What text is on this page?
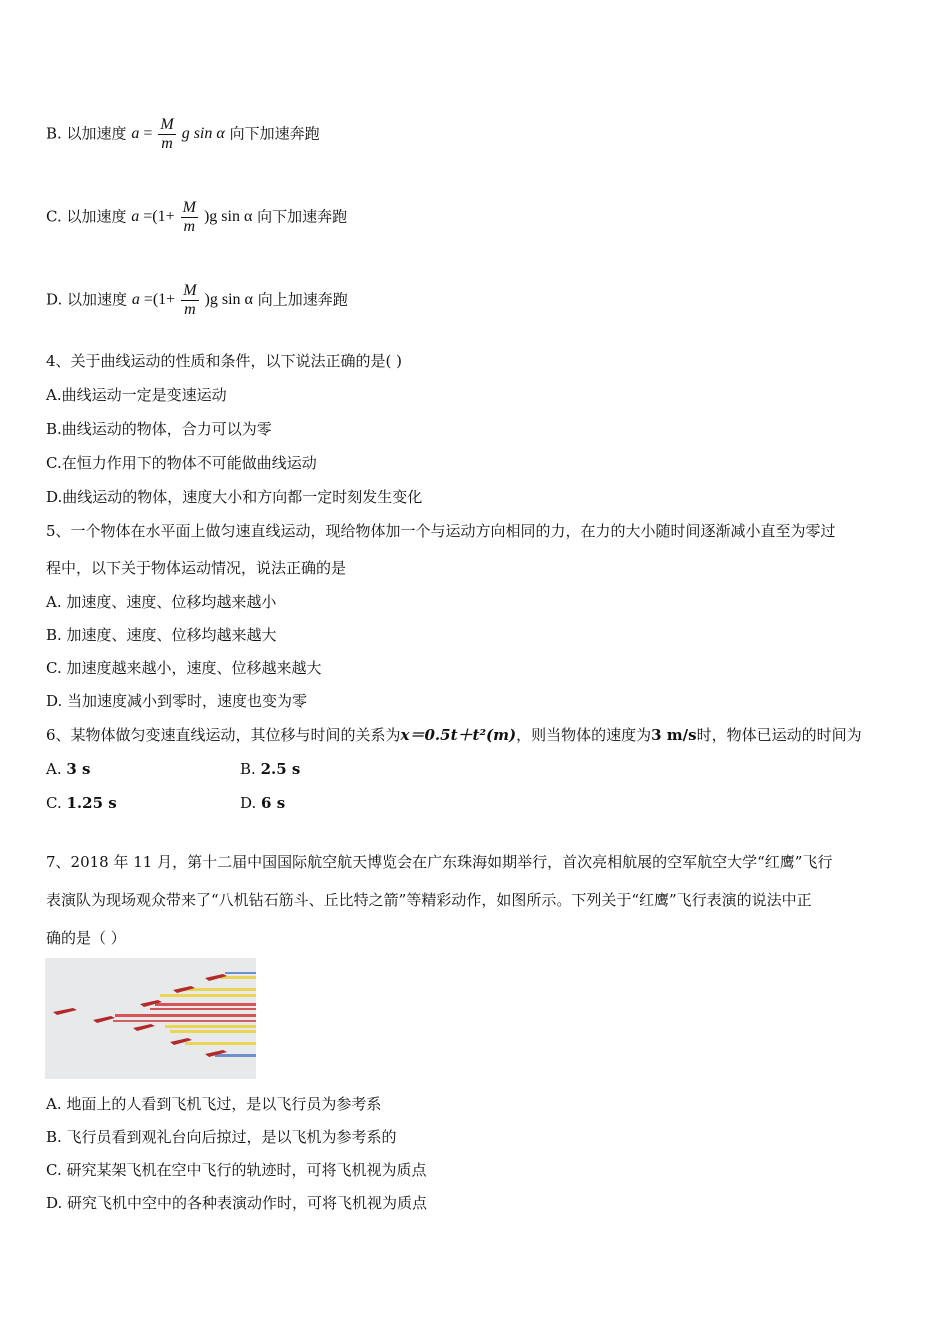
B. 以加速度 $a = \frac{M}{m}$ g sin α 向下加速奔跑
C. 以加速度 $a =(1+ \frac{M}{m} )g$ sin α 向下加速奔跑
D. 以加速度 $a =(1+ \frac{M}{m} )g$ sin α 向上加速奔跑
4、关于曲线运动的性质和条件，以下说法正确的是( )
A.曲线运动一定是变速运动
B.曲线运动的物体，合力可以为零
C.在恒力作用下的物体不可能做曲线运动
D.曲线运动的物体，速度大小和方向都一定时刻发生变化
5、一个物体在水平面上做匀速直线运动，现给物体加一个与运动方向相同的力，在力的大小随时间逐渐减小直至为零过
程中，以下关于物体运动情况，说法正确的是
A. 加速度、速度、位移均越来越小
B. 加速度、速度、位移均越来越大
C. 加速度越来越小，速度、位移越来越大
D. 当加速度减小到零时，速度也变为零
6、某物体做匀变速直线运动，其位移与时间的关系为x＝0.5t＋t²(m)，则当物体的速度为3 m/s时，物体已运动的时间为
A. 3 s	B. 2.5 s
C. 1.25 s	D. 6 s
7、2018 年 11 月，第十二届中国国际航空航天博览会在广东珠海如期举行，首次亮相航展的空军航空大学“红鹰”飞行
表演队为现场观众带来了“八机钻石筋斗、丘比特之箭”等精彩动作，如图所示。下列关于“红鹰”飞行表演的说法中正
确的是（ ）
A. 地面上的人看到飞机飞过，是以飞行员为参考系
B. 飞行员看到观礼台向后掠过，是以飞机为参考系的
C. 研究某架飞机在空中飞行的轨迹时，可将飞机视为质点
D. 研究飞机中空中的各种表演动作时，可将飞机视为质点
